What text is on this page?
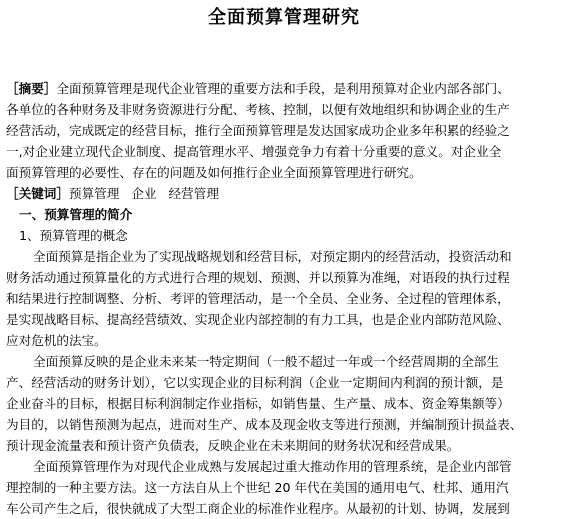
全面预算管理研究
［摘要］全面预算管理是现代企业管理的重要方法和手段，是利用预算对企业内部各部门、
各单位的各种财务及非财务资源进行分配、考核、控制，以便有效地组织和协调企业的生产
经营活动，完成既定的经营目标，推行全面预算管理是发达国家成功企业多年积累的经验之
一,对企业建立现代企业制度、提高管理水平、增强竞争力有着十分重要的意义。对企业全
面预算管理的必要性、存在的问题及如何推行企业全面预算管理进行研究。
［关键词］预算管理   企业   经营管理
一、预算管理的简介
1、预算管理的概念
全面预算是指企业为了实现战略规划和经营目标，对预定期内的经营活动，投资活动和
财务活动通过预算量化的方式进行合理的规划、预测、并以预算为准绳，对语段的执行过程
和结果进行控制调整、分析、考评的管理活动，是一个全员、全业务、全过程的管理体系，
是实现战略目标、提高经营绩效、实现企业内部控制的有力工具，也是企业内部防范风险、
应对危机的法宝。
全面预算反映的是企业未来某一特定期间（一般不超过一年或一个经营周期的全部生
产、经营活动的财务计划），它以实现企业的目标利润（企业一定期间内利润的预计额，是
企业奋斗的目标，根据目标利润制定作业指标，如销售量、生产量、成本、资金筹集额等）
为目的，以销售预测为起点，进而对生产、成本及现金收支等进行预测，并编制预计损益表、
预计现金流量表和预计资产负债表，反映企业在未来期间的财务状况和经营成果。
全面预算管理作为对现代企业成熟与发展起过重大推动作用的管理系统，是企业内部管
理控制的一种主要方法。这一方法自从上个世纪 20 年代在美国的通用电气、杜邦、通用汽
车公司产生之后，很快就成了大型工商企业的标准作业程序。从最初的计划、协调，发展到
